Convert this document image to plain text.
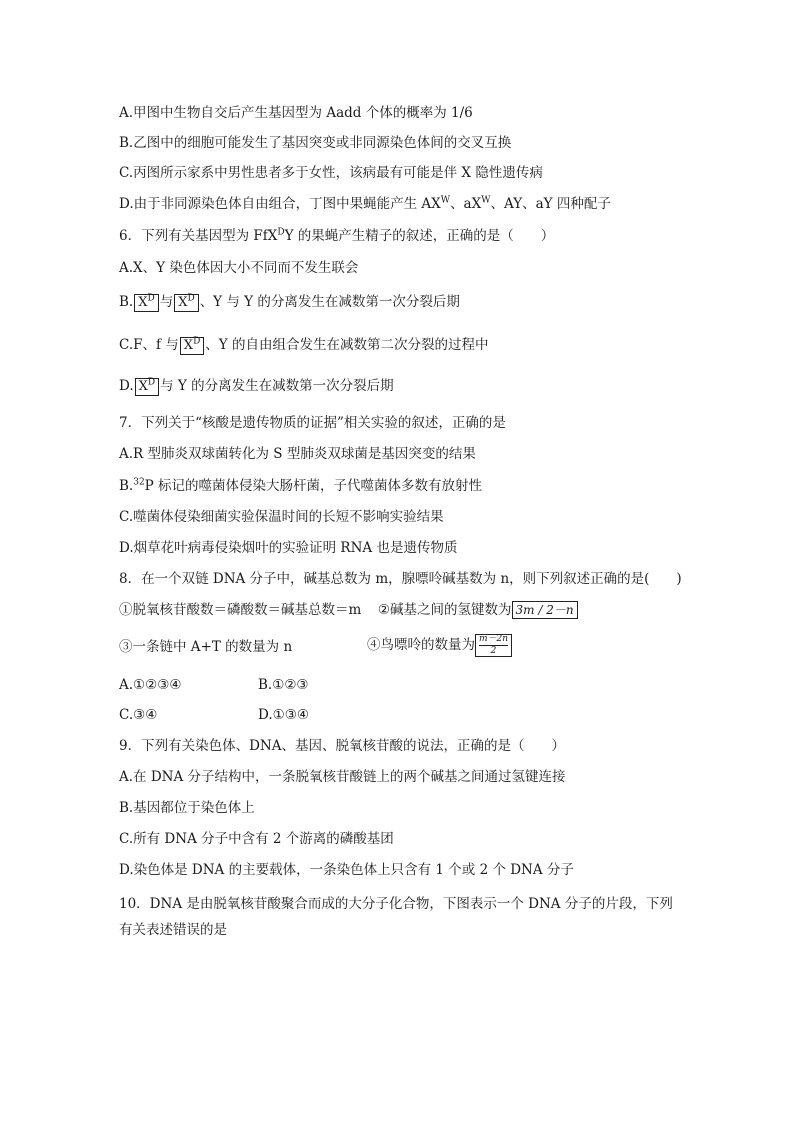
A.甲图中生物自交后产生基因型为 Aadd 个体的概率为 1/6
B.乙图中的细胞可能发生了基因突变或非同源染色体间的交叉互换
C.丙图所示家系中男性患者多于女性，该病最有可能是伴 X 隐性遗传病
D.由于非同源染色体自由组合，丁图中果蝇能产生 $AX^W$、$aX^W$、AY、aY 四种配子
6．下列有关基因型为 FfX$^D$Y 的果蝇产生精子的叙述，正确的是（　　）
A.X、Y 染色体因大小不同而不发生联会
B. $X^D$ 与 $X^D$ 、Y 与 Y 的分离发生在减数第一次分裂后期
C.F、f 与 $X^D$ 、Y 的自由组合发生在减数第二次分裂的过程中
D. $X^D$ 与 Y 的分离发生在减数第一次分裂后期
7．下列关于“核酸是遗传物质的证据”相关实验的叙述，正确的是
A.R 型肺炎双球菌转化为 S 型肺炎双球菌是基因突变的结果
B.$^{32}$P 标记的噬菌体侵染大肠杆菌，子代噬菌体多数有放射性
C.噬菌体侵染细菌实验保温时间的长短不影响实验结果
D.烟草花叶病毒侵染烟叶的实验证明 RNA 也是遗传物质
8．在一个双链 DNA 分子中，碱基总数为 m，腺嘌呤碱基数为 n，则下列叙述正确的是(　　)
①脱氧核苷酸数＝磷酸数＝碱基总数＝m ②碱基之间的氢键数为 3m / 2－n
③一条链中 A+T 的数量为 n	④鸟嘌呤的数量为 $\frac{m-2n}{2}$
A.①②③④	B.①②③
C.③④	D.①③④
9．下列有关染色体、DNA、基因、脱氧核苷酸的说法，正确的是（　　）
A.在 DNA 分子结构中，一条脱氧核苷酸链上的两个碱基之间通过氢键连接
B.基因都位于染色体上
C.所有 DNA 分子中含有 2 个游离的磷酸基团
D.染色体是 DNA 的主要载体，一条染色体上只含有 1 个或 2 个 DNA 分子
10．DNA 是由脱氧核苷酸聚合而成的大分子化合物，下图表示一个 DNA 分子的片段，下列有关表述错误的是
